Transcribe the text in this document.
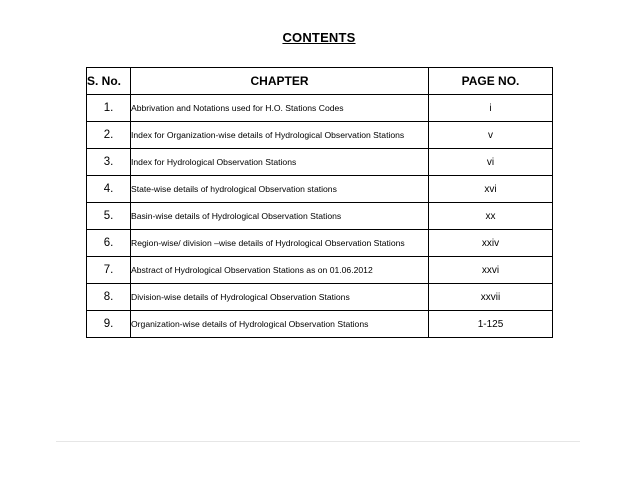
CONTENTS
S. No.	CHAPTER	PAGE NO.
1.	Abbrivation and Notations used for H.O. Stations Codes	i
2.	Index for Organization-wise details of Hydrological Observation Stations	v
3.	Index for Hydrological Observation Stations	vi
4.	State-wise details of hydrological Observation stations	xvi
5.	Basin-wise details of Hydrological Observation Stations	xx
6.	Region-wise/ division –wise details of Hydrological Observation Stations	xxiv
7.	Abstract of Hydrological Observation Stations as on 01.06.2012	xxvi
8.	Division-wise details of Hydrological Observation Stations	xxvii
9.	Organization-wise details of Hydrological Observation Stations	1-125
